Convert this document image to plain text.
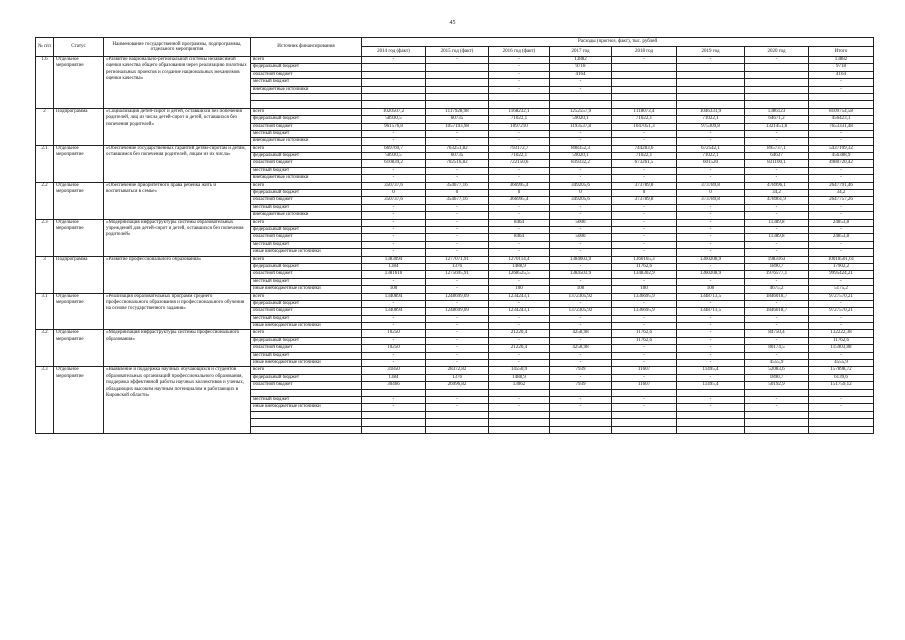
45
№ п/п	Статус	Наименование государственной программы, подпрограммы, отдельного мероприятия	Источник финансирования	Расходы (прогноз, факт), тыс. рублей							
				2014 год (факт)	2015 год (факт)	2016 год (факт)	2017 год	2018 год	2019 год	2020 год	Итого
1.6	Отдельное мероприятие	«Развитие национально-региональной системы независимой оценки качества общего образования через реализацию пилотных региональных проектов и создание национальных механизмов оценки качества»	всего	-	-	-	13882	-	-	-	13882
			федеральный бюджет			-	9718				9718
			областной бюджет			-	4164				4164
			местный бюджет			-	-				-
			внебюджетные источники			-	-				-

2	Подпрограмма	«Социализация детей-сирот и детей, оставшихся без попечения родителей, лиц из числа детей-сирот и детей, оставшихся без попечения родителей»	всего	1020507,2	1117928,98	1168232,1	1252557,9	1118073,4	1046331,9	1386123	8109754,58
			федеральный бюджет	58930,5	60735	71022,1	59020,1	71022,1	71022,1	64671,2	456423,1
			областной бюджет	961576,8	1057193,98	1097210	1193537,8	1047051,3	975309,8	1321451,8	7653331,48
			местный бюджет	-	-	-	-	-	-	-	-
			внебюджетные источники	-	-	-	-	-	-	-	-
2.1	Отдельное мероприятие	«Обеспечение государственных гарантий детям-сиротам и детям, оставшимся без попечения родителей, лицам из их числа»	всего	669769,7	763251,82	793172,7	898352,3	744283,6	672542,1	895737,1	5437109,32
			федеральный бюджет	58930,5	60735	71022,1	59020,1	71022,1	71022,1	64637	456388,9
			областной бюджет	610839,2	702516,82	722150,6	839332,2	673261,5	601520	831100,1	4980720,42
			местный бюджет	-	-	-	-	-	-	-	-
			внебюджетные источники	-	-	-	-	-	-	-	-
2.2	Отдельное мероприятие	«Обеспечение приоритетного права ребенка жить и воспитываться в семье»	всего	350737,6	354677,16	366995,4	349205,6	373789,8	373789,8	478996,1	2647791,46
			федеральный бюджет	0	0	0	0	0	0	34,2	34,2
			областной бюджет	350737,6	354677,16	366995,4	349205,6	373789,8	373789,8	478961,9	2647757,26
			местный бюджет	-	-	-	-	-	-	-	-
			внебюджетные источники	-	-	-	-	-	-	-	-
2.3	Отдельное мероприятие	«Модернизация инфраструктуры системы образовательных учреждений для детей-сирот и детей, оставшихся без попечения родителей»	всего	-	-	8464	5000	-	-	11389,8	24853,8
			федеральный бюджет	-	-	-	-	-	-	-	-
			областной бюджет	-	-	8464	5000	-	-	11389,8	24853,8
			местный бюджет	-	-	-	-	-	-	-	-
			иные внебюджетные источники	-	-	-	-	-	-	-	-
3	Подпрограмма	«Развитие профессионального образования»	всего	1383094	1277071,91	1270114,4	1384603,9	1360165,3	1360208,9	1983163	10018501,61
			федеральный бюджет	1384	1376	1488,9	-	11762,6	-	1890,7	17902,2
			областной бюджет	1381610	1275695,91	1268525,5	1384503,9	1348302,9	1360208,9	1976577,1	9995424,21
			местный бюджет	-	-	-	-	-	-	-	-
			иные внебюджетные источники	100	-	100	100	100	100	4675,2	5175,2
3.1	Отдельное мероприятие	«Реализация образовательных программ среднего профессионального образования и профессионального обучения на основе государственного задания»	всего	1340894	1248699,09	1234243,1	1372305,92	1336695,9	1348713,5	1846018,7	9727570,21
			федеральный бюджет	-	-	-	-	-	-	-	-
			областной бюджет	1340894	1248699,09	1234243,1	1372305,92	1336695,9	1348713,5	1846018,7	9727570,21
			местный бюджет	-	-	-	-	-	-	-	-
			иные внебюджетные источники	-	-	-	-	-	-	-	-
3.2	Отдельное мероприятие	«Модернизация инфраструктуры системы профессионального образования»	всего	10250	-	21220,4	4258,98	11762,6	-	84750,4	132222,38
			федеральный бюджет	-	-	-	-	11762,6	-	-	11762,6
			областной бюджет	10250	-	21220,4	4258,98	-	-	80174,5	115903,88
			местный бюджет	-	-	-	-	-	-	-	-
			иные внебюджетные источники	-	-	-	-	-	-	4555,9	4555,9
3.3	Отдельное мероприятие	«Выявление и поддержка научных обучающихся и студентов образовательных организаций профессионального образования, поддержка эффективной работы научных коллективов и ученых, обладающих высоким научным потенциалом и работающих в Кировской области»	всего	31850	28372,82	14550,9	7939	11607	11495,4	52083,6	157898,72
			федеральный бюджет	1384	1376	1488,9	-	-	-	1890,7	6139,6
			областной бюджет	30466	26996,82	13062	7939	11607	11495,4	50192,9	151759,12

			местный бюджет	-	-	-	-	-	-	-	-
			иные внебюджетные источники	-	-	-	-	-	-	-	-
